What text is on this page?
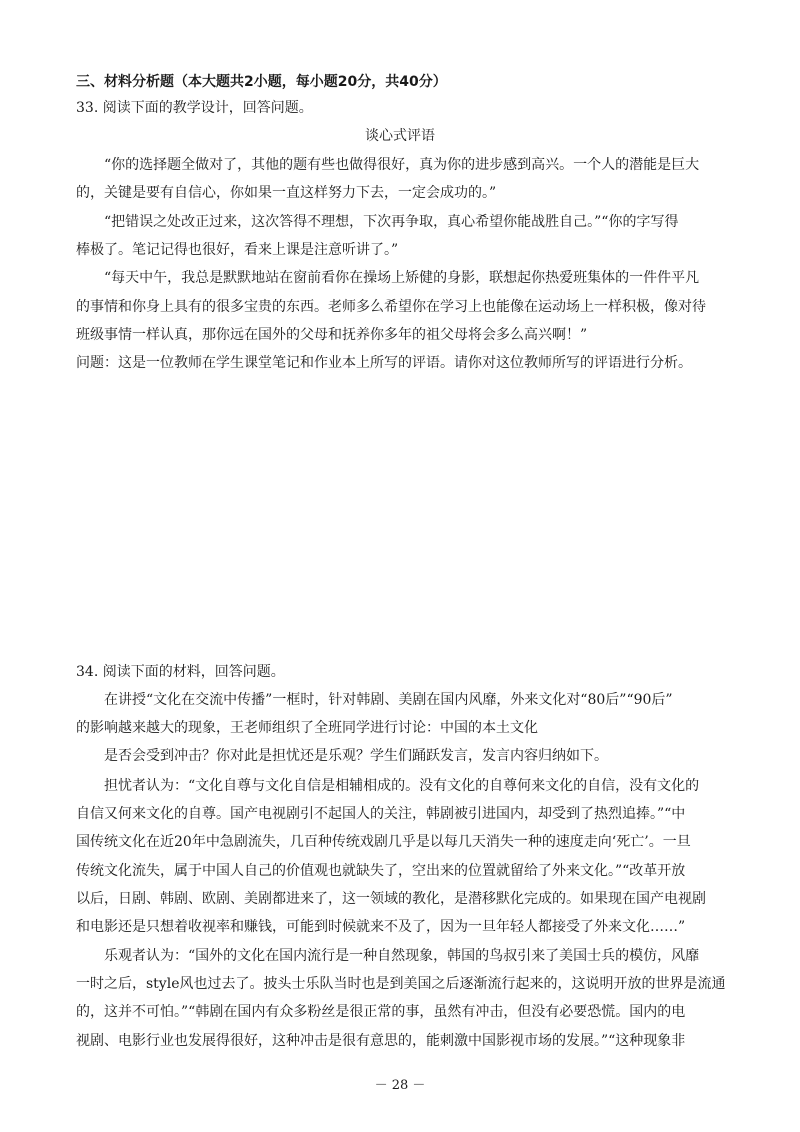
三、材料分析题（本大题共2小题，每小题20分，共40分）
33. 阅读下面的教学设计，回答问题。
谈心式评语
“你的选择题全做对了，其他的题有些也做得很好，真为你的进步感到高兴。一个人的潜能是巨大
的，关键是要有自信心，你如果一直这样努力下去，一定会成功的。”
“把错误之处改正过来，这次答得不理想，下次再争取，真心希望你能战胜自己。”“你的字写得
棒极了。笔记记得也很好，看来上课是注意听讲了。”
“每天中午，我总是默默地站在窗前看你在操场上矫健的身影，联想起你热爱班集体的一件件平凡
的事情和你身上具有的很多宝贵的东西。老师多么希望你在学习上也能像在运动场上一样积极，像对待
班级事情一样认真，那你远在国外的父母和抚养你多年的祖父母将会多么高兴啊！”
问题：这是一位教师在学生课堂笔记和作业本上所写的评语。请你对这位教师所写的评语进行分析。
34. 阅读下面的材料，回答问题。
在讲授“文化在交流中传播”一框时，针对韩剧、美剧在国内风靡，外来文化对“80后”“90后”
的影响越来越大的现象，王老师组织了全班同学进行讨论：中国的本土文化
是否会受到冲击？你对此是担忧还是乐观？学生们踊跃发言，发言内容归纳如下。
担忧者认为：“文化自尊与文化自信是相辅相成的。没有文化的自尊何来文化的自信，没有文化的
自信又何来文化的自尊。国产电视剧引不起国人的关注，韩剧被引进国内，却受到了热烈追捧。”“中
国传统文化在近20年中急剧流失，几百种传统戏剧几乎是以每几天消失一种的速度走向‘死亡’。一旦
传统文化流失，属于中国人自己的价值观也就缺失了，空出来的位置就留给了外来文化。”“改革开放
以后，日剧、韩剧、欧剧、美剧都进来了，这一领域的教化，是潜移默化完成的。如果现在国产电视剧
和电影还是只想着收视率和赚钱，可能到时候就来不及了，因为一旦年轻人都接受了外来文化……”
乐观者认为：“国外的文化在国内流行是一种自然现象，韩国的鸟叔引来了美国士兵的模仿，风靡
一时之后，style风也过去了。披头士乐队当时也是到美国之后逐渐流行起来的，这说明开放的世界是流通
的，这并不可怕。”“韩剧在国内有众多粉丝是很正常的事，虽然有冲击，但没有必要恐慌。国内的电
视剧、电影行业也发展得很好，这种冲击是很有意思的，能刺激中国影视市场的发展。”“这种现象非
－ 28 －
